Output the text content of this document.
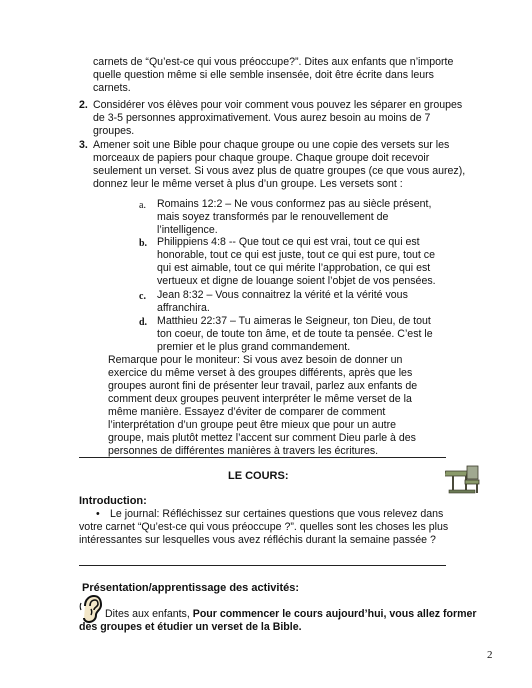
carnets de “Qu’est-ce qui vous préoccupe?”. Dites aux enfants que n’importe quelle question même si elle semble insensée, doit être écrite dans leurs carnets.
2. Considérer vos élèves pour voir comment vous pouvez les séparer en groupes de 3-5 personnes approximativement. Vous aurez besoin au moins de 7 groupes.
3. Amener soit une Bible pour chaque groupe ou une copie des versets sur les morceaux de papiers pour chaque groupe. Chaque groupe doit recevoir seulement un verset. Si vous avez plus de quatre groupes (ce que vous aurez), donnez leur le même verset à plus d’un groupe. Les versets sont :
a. Romains 12:2 – Ne vous conformez pas au siècle présent, mais soyez transformés par le renouvellement de l’intelligence.
b. Philippiens 4:8 -- Que tout ce qui est vrai, tout ce qui est honorable, tout ce qui est juste, tout ce qui est pure, tout ce qui est aimable, tout ce qui mérite l’approbation, ce qui est vertueux et digne de louange soient l’objet de vos pensées.
c. Jean 8:32 – Vous connaitrez la vérité et la vérité vous affranchira.
d. Matthieu 22:37 – Tu aimeras le Seigneur, ton Dieu, de tout ton coeur, de toute ton âme, et de toute ta pensée. C’est le premier et le plus grand commandement.
Remarque pour le moniteur: Si vous avez besoin de donner un exercice du même verset à des groupes différents, après que les groupes auront fini de présenter leur travail, parlez aux enfants de comment deux groupes peuvent interpréter le même verset de la même manière. Essayez d’éviter de comparer de comment l’interprétation d’un groupe peut être mieux que pour un autre groupe, mais plutôt mettez l’accent sur comment Dieu parle à des personnes de différentes manières à travers les écritures.
LE COURS:
Introduction:
• Le journal: Réfléchissez sur certaines questions que vous relevez dans votre carnet “Qu’est-ce qui vous préoccupe ?”. quelles sont les choses les plus intéressantes sur lesquelles vous avez réfléchis durant la semaine passée ?
Présentation/apprentissage des activités:
Dites aux enfants, Pour commencer le cours aujourd’hui, vous allez former des groupes et étudier un verset de la Bible.
2
